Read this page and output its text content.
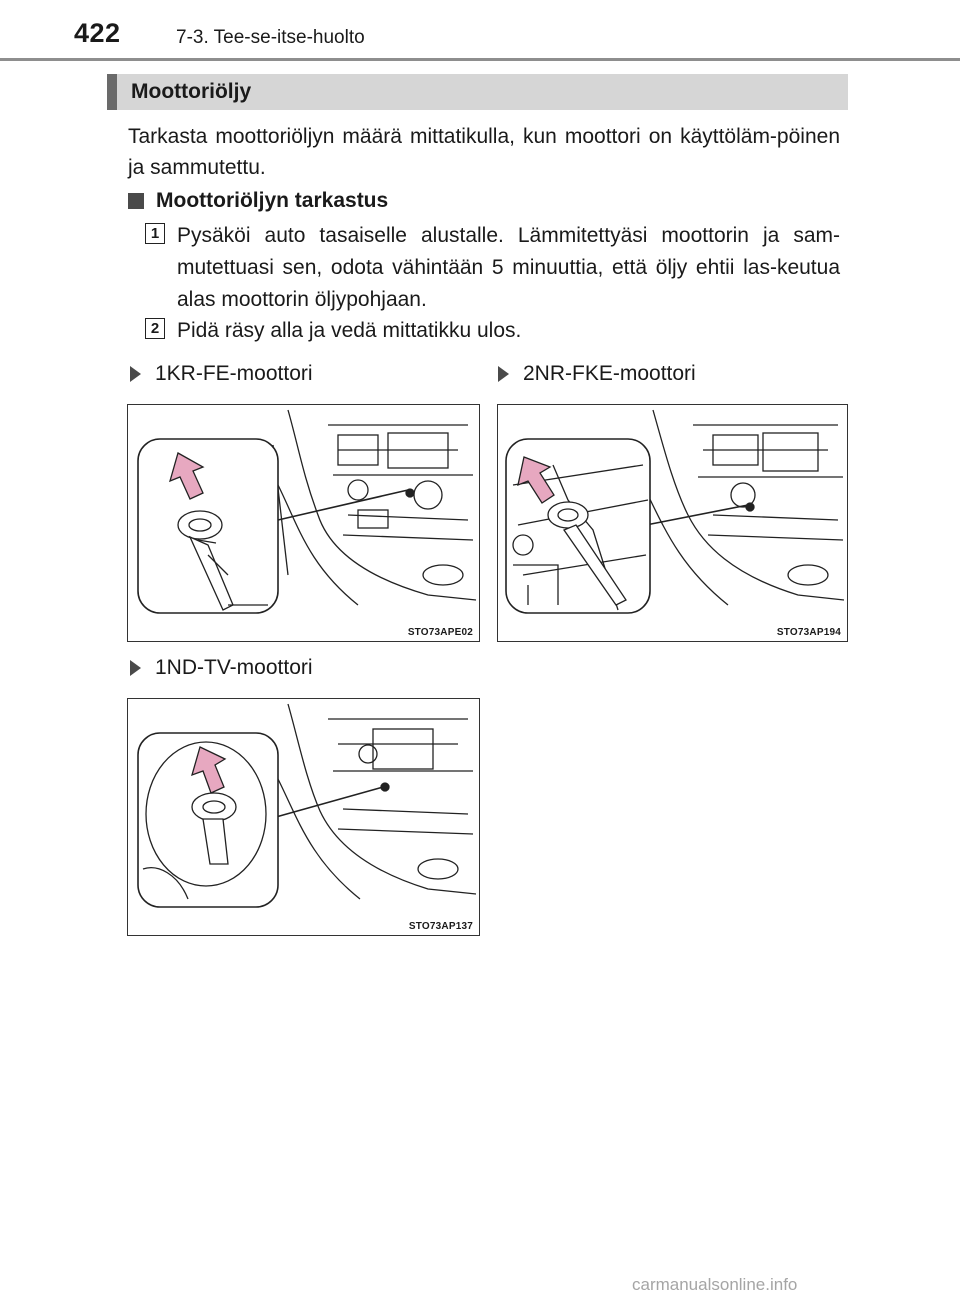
422	7-3. Tee-se-itse-huolto
Moottoriöljy

Tarkasta moottoriöljyn määrä mittatikulla, kun moottori on käyttöläm-pöinen ja sammutettu.

Moottoriöljyn tarkastus
1 Pysäköi auto tasaiselle alustalle. Lämmitettyäsi moottorin ja sam-mutettuasi sen, odota vähintään 5 minuuttia, että öljy ehtii las-keutua alas moottorin öljypohjaan.

2 Pidä räsy alla ja vedä mittatikku ulos.

1KR-FE-moottori	2NR-FKE-moottori
STO73APE02	STO73AP194
1ND-TV-moottori
STO73AP137
carmanualsonline.info
